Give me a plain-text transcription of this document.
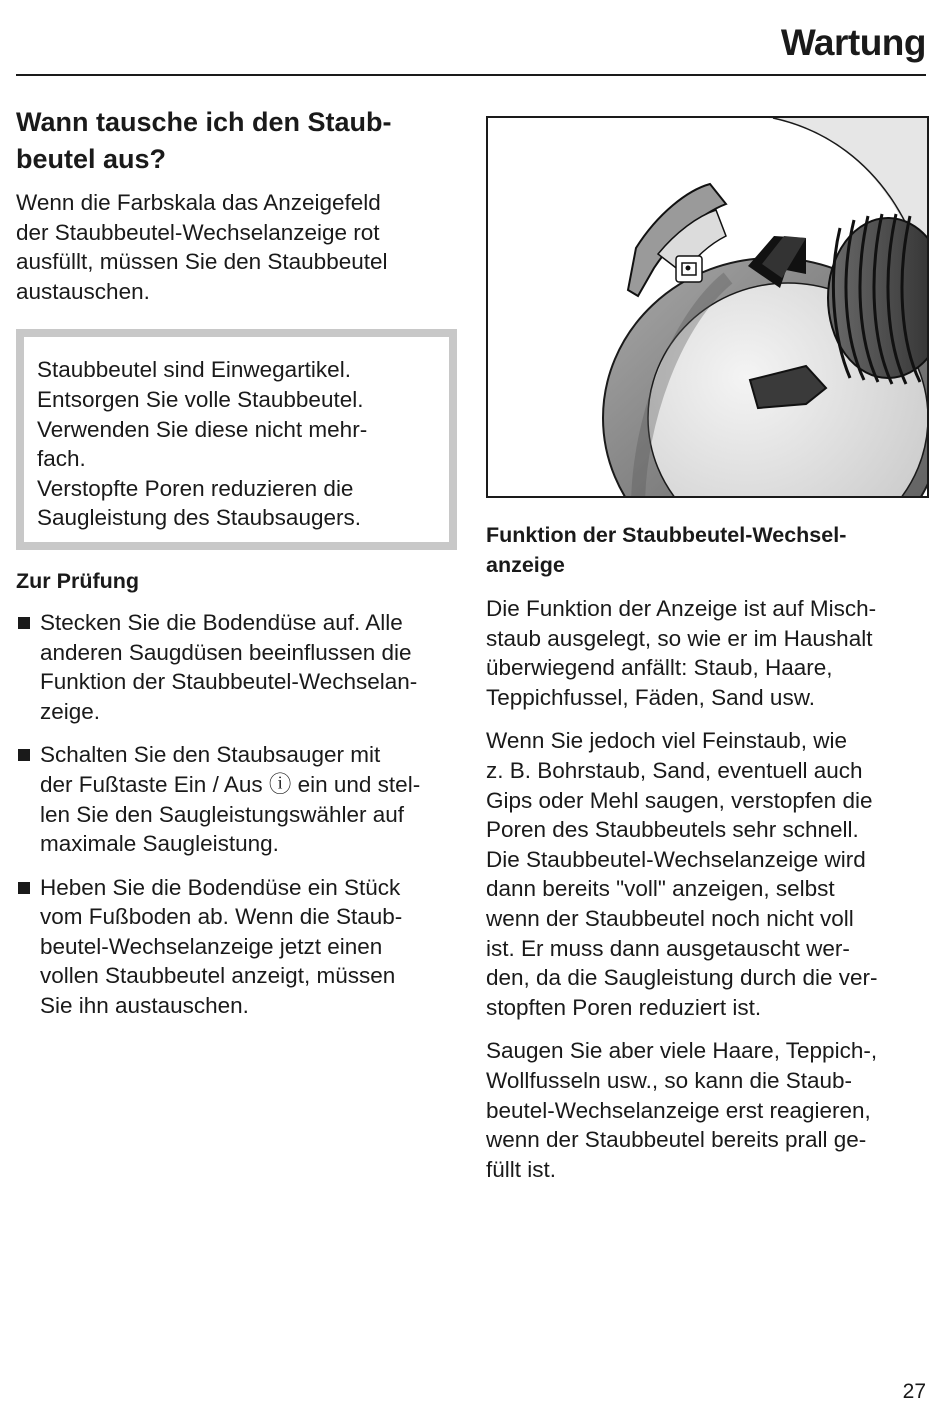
Wartung
Wann tausche ich den Staub-
beutel aus?
Wenn die Farbskala das Anzeigefeld
der Staubbeutel-Wechselanzeige rot
ausfüllt, müssen Sie den Staubbeutel
austauschen.
Staubbeutel sind Einwegartikel.
Entsorgen Sie volle Staubbeutel.
Verwenden Sie diese nicht mehr-
fach.
Verstopfte Poren reduzieren die
Saugleistung des Staubsaugers.
Zur Prüfung
Stecken Sie die Bodendüse auf. Alle
anderen Saugdüsen beeinflussen die
Funktion der Staubbeutel-Wechselan-
zeige.
Schalten Sie den Staubsauger mit
der Fußtaste Ein / Aus ⓘ ein und stel-
len Sie den Saugleistungswähler auf
maximale Saugleistung.
Heben Sie die Bodendüse ein Stück
vom Fußboden ab. Wenn die Staub-
beutel-Wechselanzeige jetzt einen
vollen Staubbeutel anzeigt, müssen
Sie ihn austauschen.
Funktion der Staubbeutel-Wechsel-
anzeige
Die Funktion der Anzeige ist auf Misch-
staub ausgelegt, so wie er im Haushalt
überwiegend anfällt: Staub, Haare,
Teppichfussel, Fäden, Sand usw.
Wenn Sie jedoch viel Feinstaub, wie
z. B. Bohrstaub, Sand, eventuell auch
Gips oder Mehl saugen, verstopfen die
Poren des Staubbeutels sehr schnell.
Die Staubbeutel-Wechselanzeige wird
dann bereits "voll" anzeigen, selbst
wenn der Staubbeutel noch nicht voll
ist. Er muss dann ausgetauscht wer-
den, da die Saugleistung durch die ver-
stopften Poren reduziert ist.
Saugen Sie aber viele Haare, Teppich-,
Wollfusseln usw., so kann die Staub-
beutel-Wechselanzeige erst reagieren,
wenn der Staubbeutel bereits prall ge-
füllt ist.
27
